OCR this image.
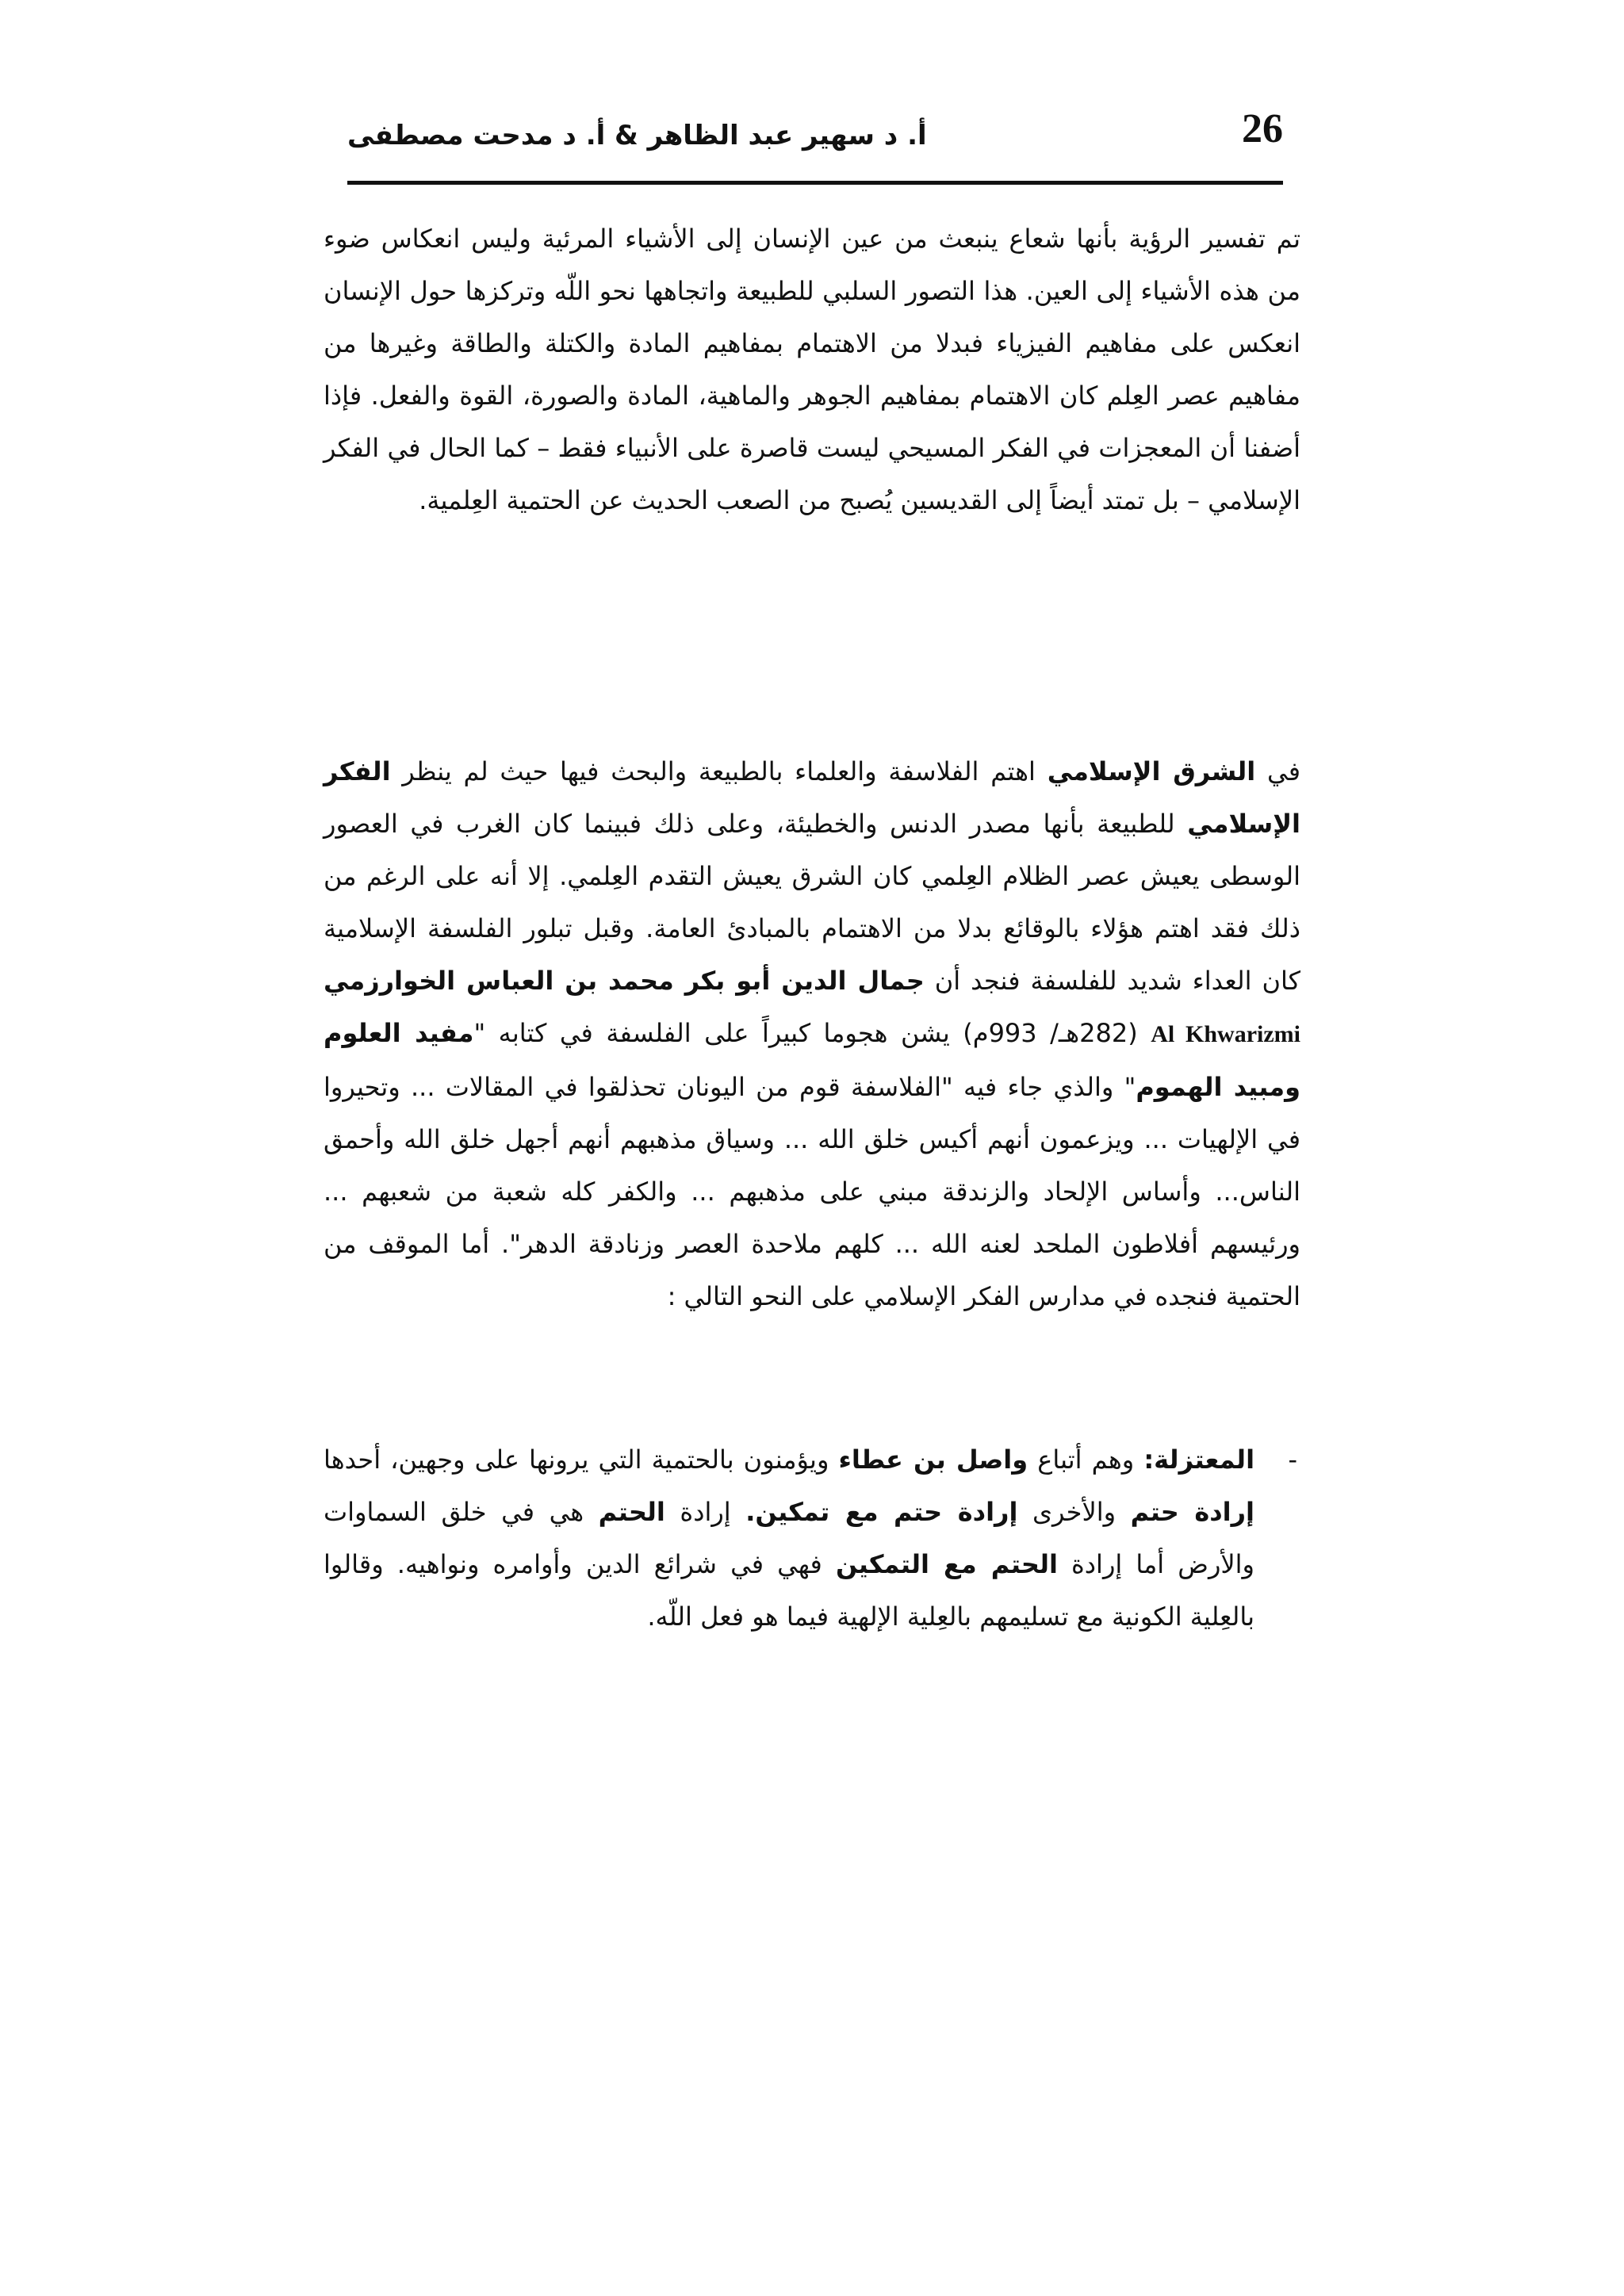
26
أ. د سهير عبد الظاهر & أ. د مدحت مصطفى

تم تفسير الرؤية بأنها شعاع ينبعث من عين الإنسان إلى الأشياء المرئية وليس انعكاس ضوء من هذه الأشياء إلى العين. هذا التصور السلبي للطبيعة واتجاهها نحو اللّه وتركزها حول الإنسان انعكس على مفاهيم الفيزياء فبدلا من الاهتمام بمفاهيم المادة والكتلة والطاقة وغيرها من مفاهيم عصر العِلم كان الاهتمام بمفاهيم الجوهر والماهية، المادة والصورة، القوة والفعل. فإذا أضفنا أن المعجزات في الفكر المسيحي ليست قاصرة على الأنبياء فقط – كما الحال في الفكر الإسلامي – بل تمتد أيضاً إلى القديسين يُصبح من الصعب الحديث عن الحتمية العِلمية.

في الشرق الإسلامي اهتم الفلاسفة والعلماء بالطبيعة والبحث فيها حيث لم ينظر الفكر الإسلامي للطبيعة بأنها مصدر الدنس والخطيئة، وعلى ذلك فبينما كان الغرب في العصور الوسطى يعيش عصر الظلام العِلمي كان الشرق يعيش التقدم العِلمي. إلا أنه على الرغم من ذلك فقد اهتم هؤلاء بالوقائع بدلا من الاهتمام بالمبادئ العامة. وقبل تبلور الفلسفة الإسلامية كان العداء شديد للفلسفة فنجد أن جمال الدين أبو بكر محمد بن العباس الخوارزمي Al Khwarizmi (282هـ/ 993م) يشن هجوما كبيراً على الفلسفة في كتابه "مفيد العلوم ومبيد الهموم" والذي جاء فيه "الفلاسفة قوم من اليونان تحذلقوا في المقالات ... وتحيروا في الإلهيات ... ويزعمون أنهم أكيس خلق الله ... وسياق مذهبهم أنهم أجهل خلق الله وأحمق الناس... وأساس الإلحاد والزندقة مبني على مذهبهم ... والكفر كله شعبة من شعبهم ... ورئيسهم أفلاطون الملحد لعنه الله ... كلهم ملاحدة العصر وزنادقة الدهر". أما الموقف من الحتمية فنجده في مدارس الفكر الإسلامي على النحو التالي :

-
المعتزلة: وهم أتباع واصل بن عطاء ويؤمنون بالحتمية التي يرونها على وجهين، أحدها إرادة حتم والأخرى إرادة حتم مع تمكين. إرادة الحتم هي في خلق السماوات والأرض أما إرادة الحتم مع التمكين فهي في شرائع الدين وأوامره ونواهيه. وقالوا بالعِلية الكونية مع تسليمهم بالعِلية الإلهية فيما هو فعل اللّه.
